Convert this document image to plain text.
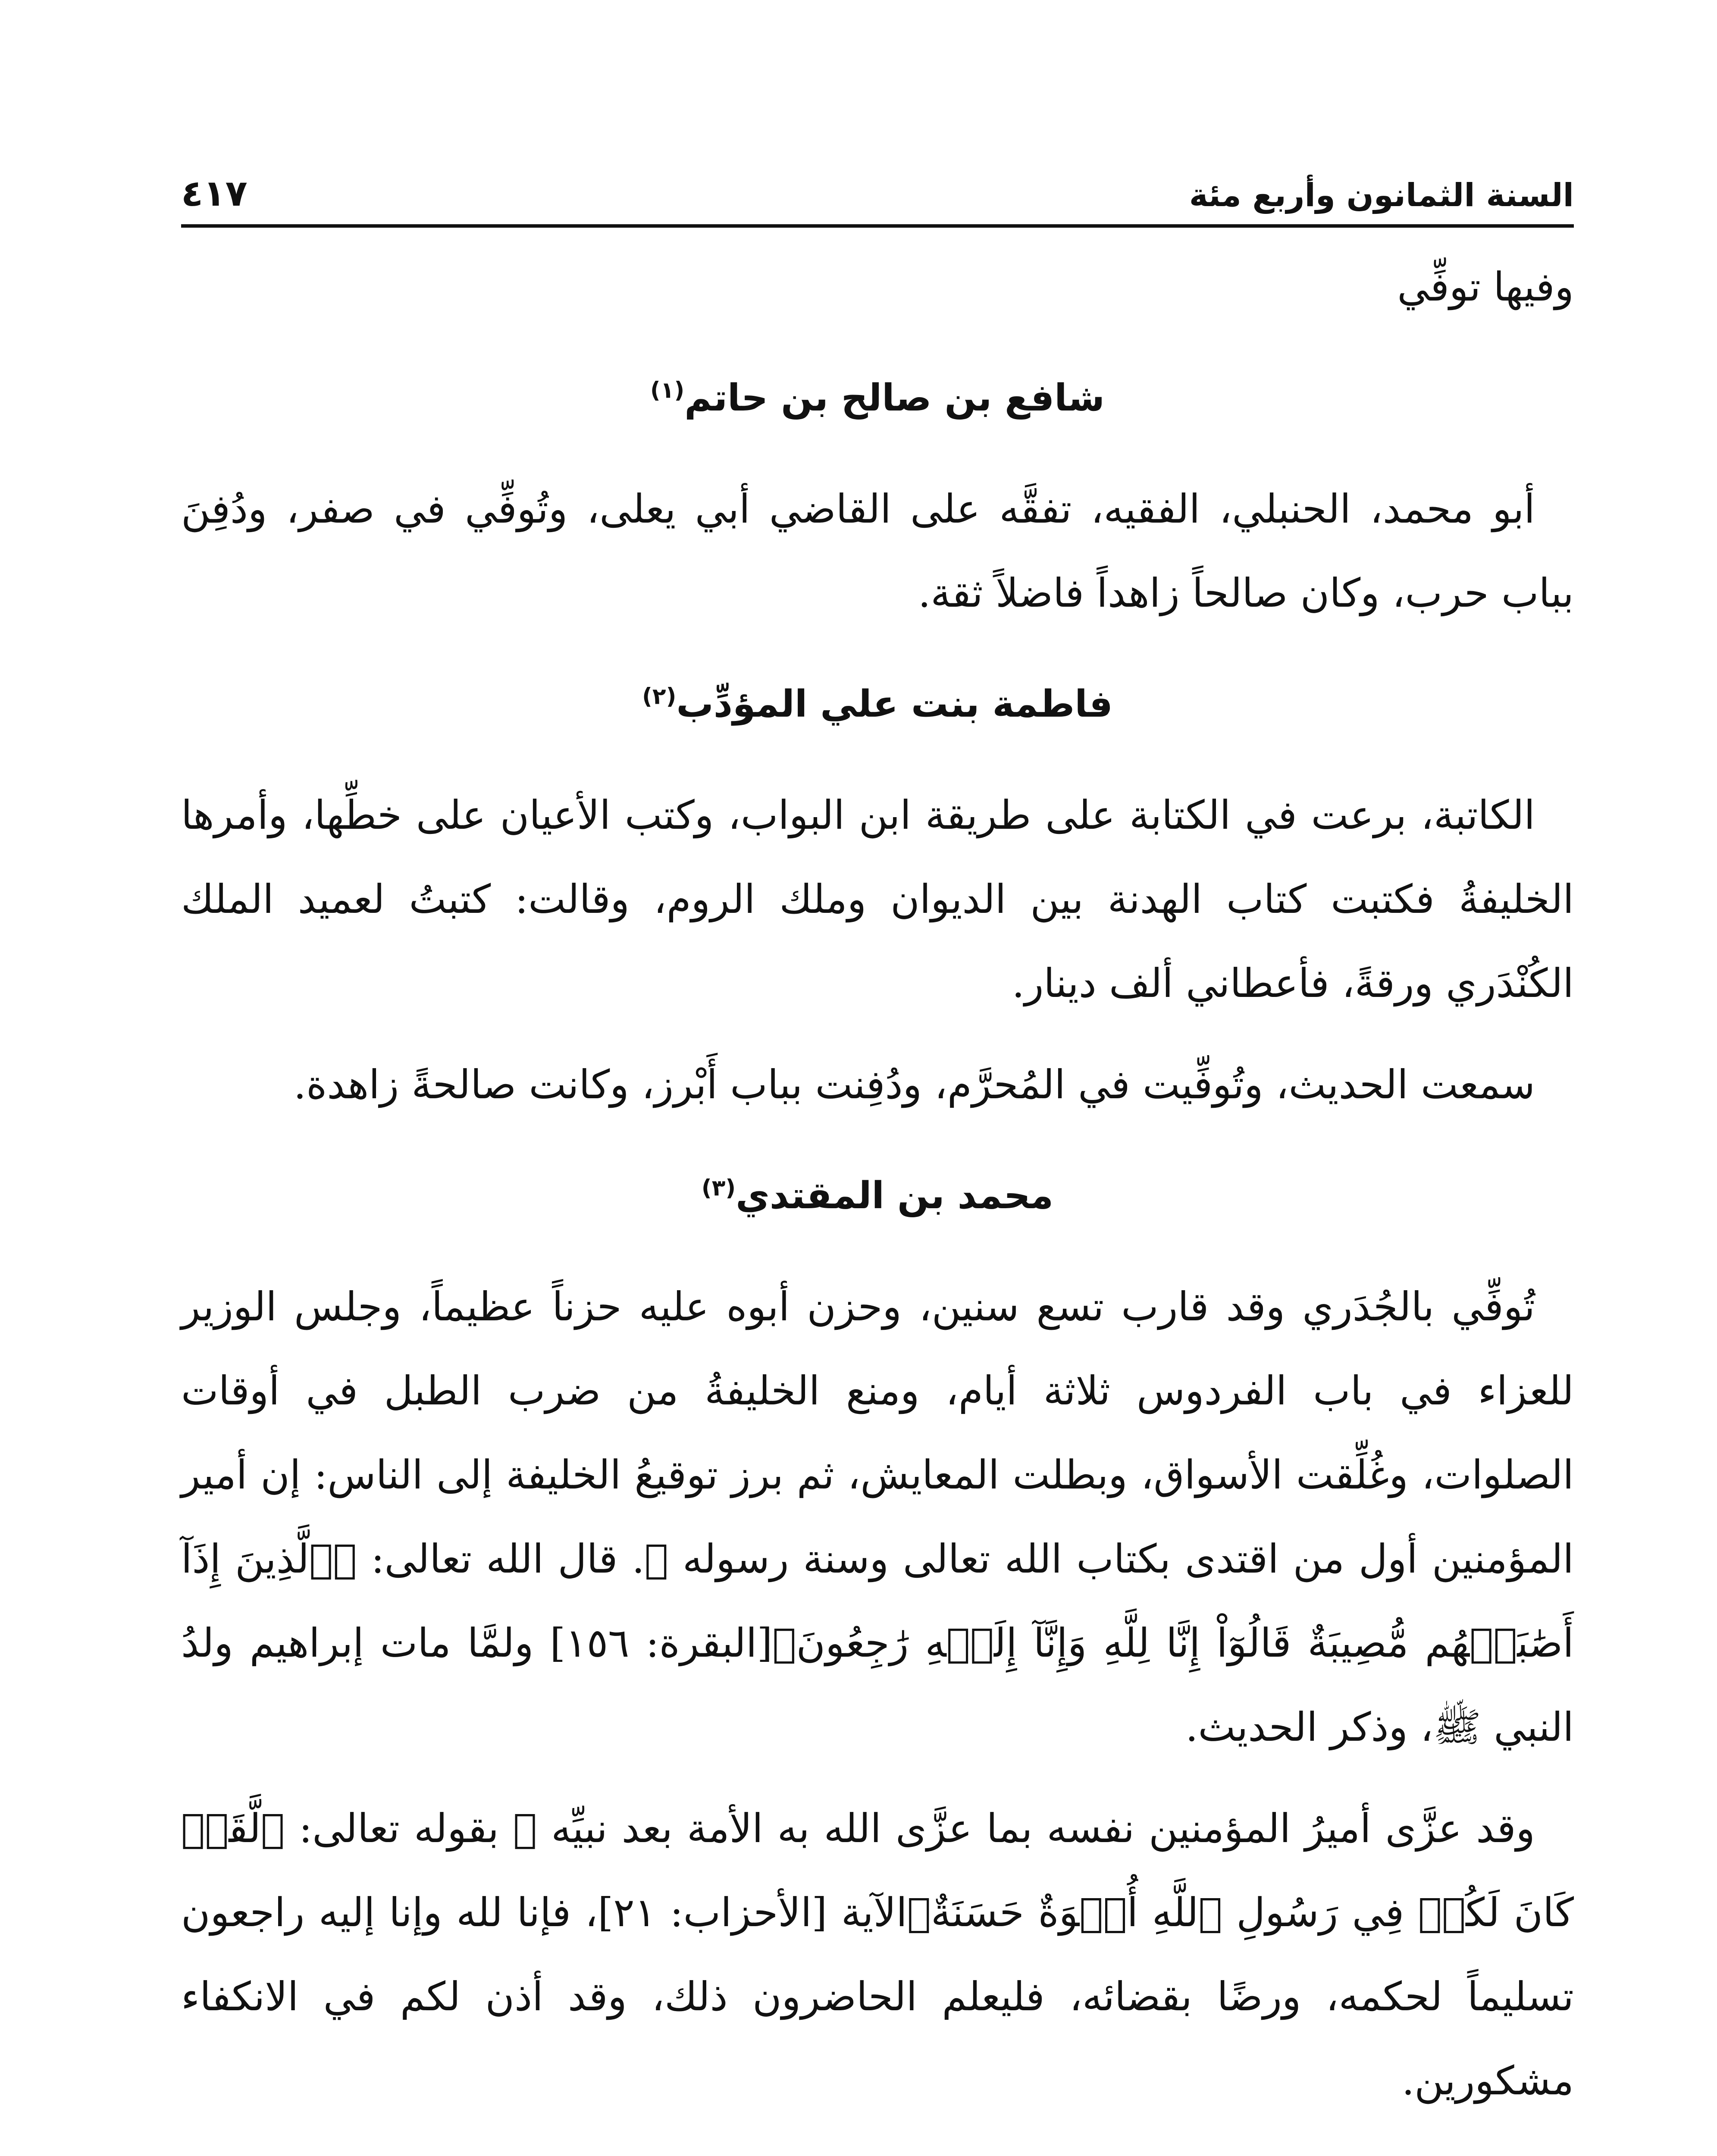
السنة الثمانون وأربع مئة
٤١٧

وفيها توفِّي

شافع بن صالح بن حاتم$^{(١)}$

أبو محمد، الحنبلي، الفقيه، تفقَّه على القاضي أبي يعلى، وتُوفِّي في صفر، ودُفِنَ بباب حرب، وكان صالحاً زاهداً فاضلاً ثقة.

فاطمة بنت علي المؤدِّب$^{(٢)}$

الكاتبة، برعت في الكتابة على طريقة ابن البواب، وكتب الأعيان على خطِّها، وأمرها الخليفةُ فكتبت كتاب الهدنة بين الديوان وملك الروم، وقالت: كتبتُ لعميد الملك الكُنْدَري ورقةً، فأعطاني ألف دينار.

سمعت الحديث، وتُوفِّيت في المُحرَّم، ودُفِنت بباب أَبْرز، وكانت صالحةً زاهدة.

محمد بن المقتدي$^{(٣)}$

تُوفِّي بالجُدَري وقد قارب تسع سنين، وحزن أبوه عليه حزناً عظيماً، وجلس الوزير للعزاء في باب الفردوس ثلاثة أيام، ومنع الخليفةُ من ضرب الطبل في أوقات الصلوات، وغُلِّقت الأسواق، وبطلت المعايش، ثم برز توقيعُ الخليفة إلى الناس: إن أمير المؤمنين أول من اقتدى بكتاب الله تعالى وسنة رسوله ﷺ. قال الله تعالى: ﴿ٱلَّذِينَ إِذَآ أَصَٰبَتۡهُم مُّصِيبَةٌ قَالُوٓاْ إِنَّا لِلَّهِ وَإِنَّآ إِلَيۡهِ رَٰجِعُونَ﴾[البقرة: ١٥٦] ولمَّا مات إبراهيم ولدُ النبي ﷺ، وذكر الحديث.

وقد عزَّى أميرُ المؤمنين نفسه بما عزَّى الله به الأمة بعد نبيِّه ﷺ بقوله تعالى: ﴿لَّقَدۡ كَانَ لَكُمۡ فِي رَسُولِ ٱللَّهِ أُسۡوَةٌ حَسَنَةٌ﴾الآية [الأحزاب: ٢١]، فإنا لله وإنا إليه راجعون تسليماً لحكمه، ورضًا بقضائه، فليعلم الحاضرون ذلك، وقد أذن لكم في الانكفاء مشكورين.
